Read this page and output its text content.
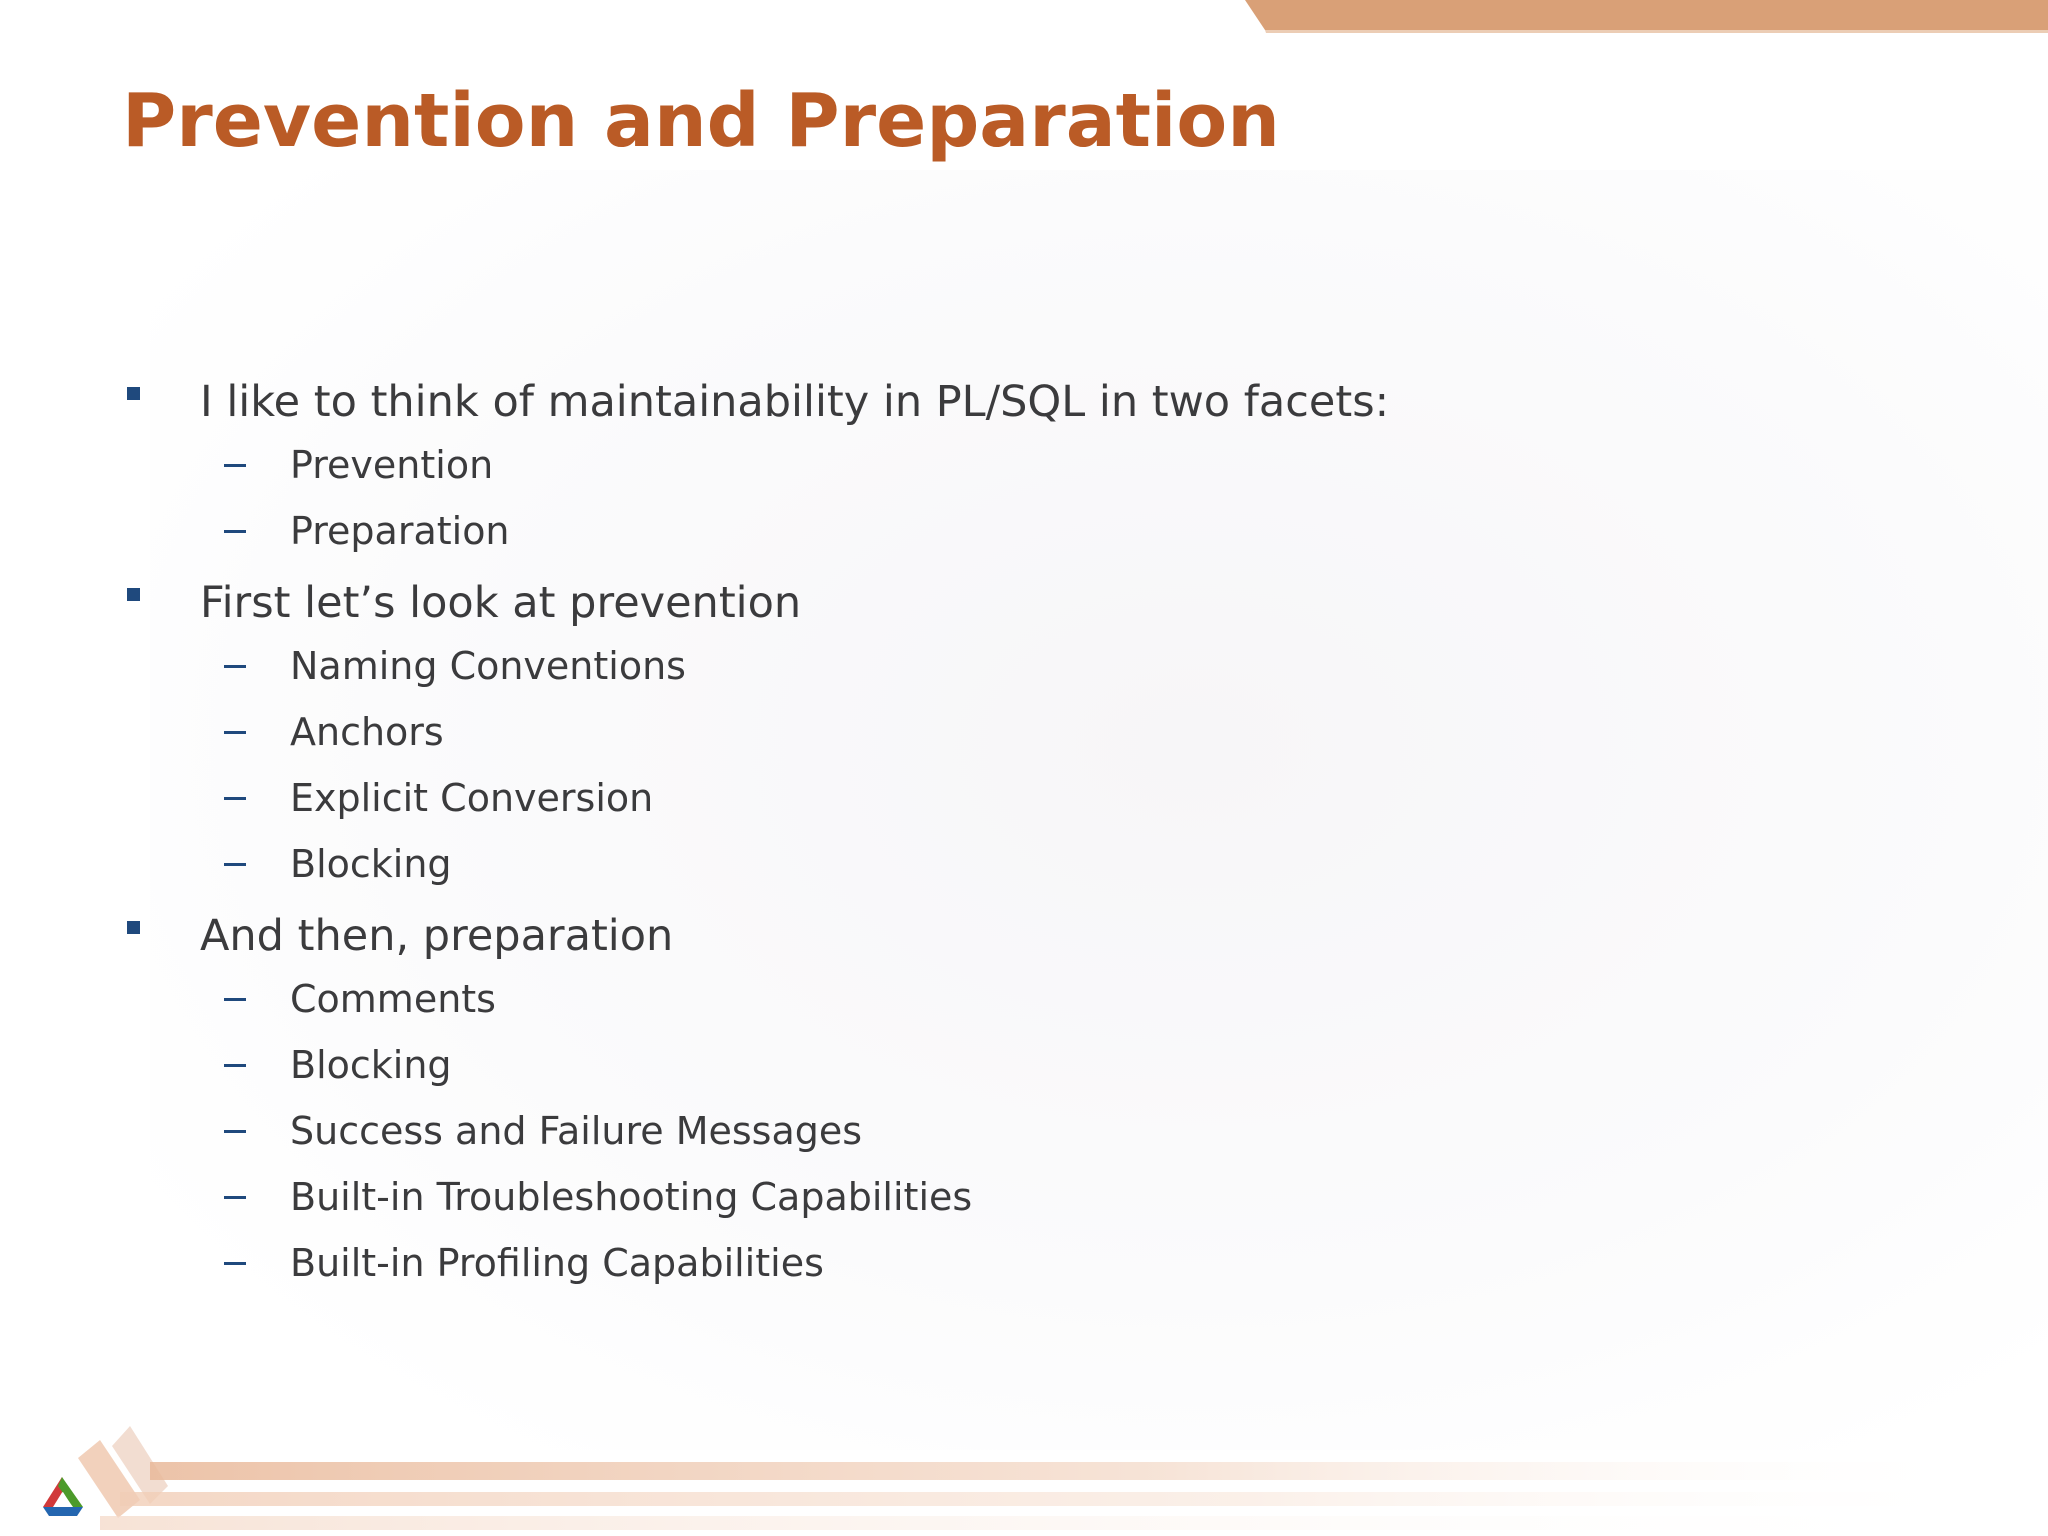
Prevention and Preparation
I like to think of maintainability in PL/SQL in two facets:
Prevention
Preparation
First let’s look at prevention
Naming Conventions
Anchors
Explicit Conversion
Blocking
And then, preparation
Comments
Blocking
Success and Failure Messages
Built-in Troubleshooting Capabilities
Built-in Profiling Capabilities
